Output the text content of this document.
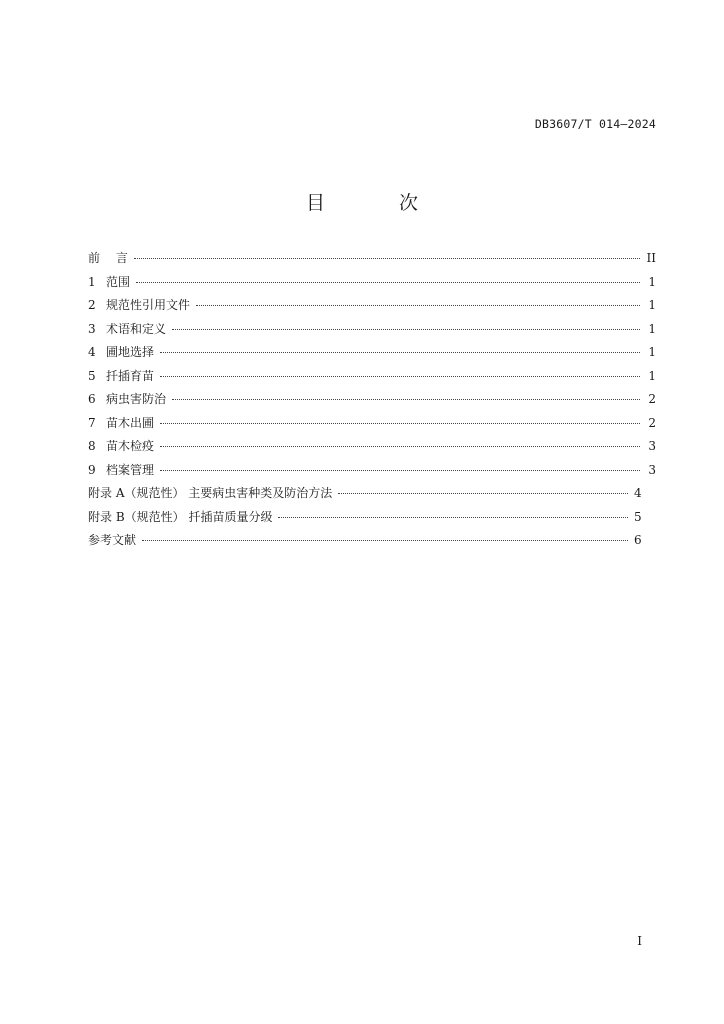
DB3607/T 014—2024
目 次
前　 言	II
1 范围	1
2 规范性引用文件	1
3 术语和定义	1
4 圃地选择	1
5 扦插育苗	1
6 病虫害防治	2
7 苗木出圃	2
8 苗木检疫	3
9 档案管理	3
附录 A（规范性） 主要病虫害种类及防治方法	4
附录 B（规范性） 扦插苗质量分级	5
参考文献	6
I
